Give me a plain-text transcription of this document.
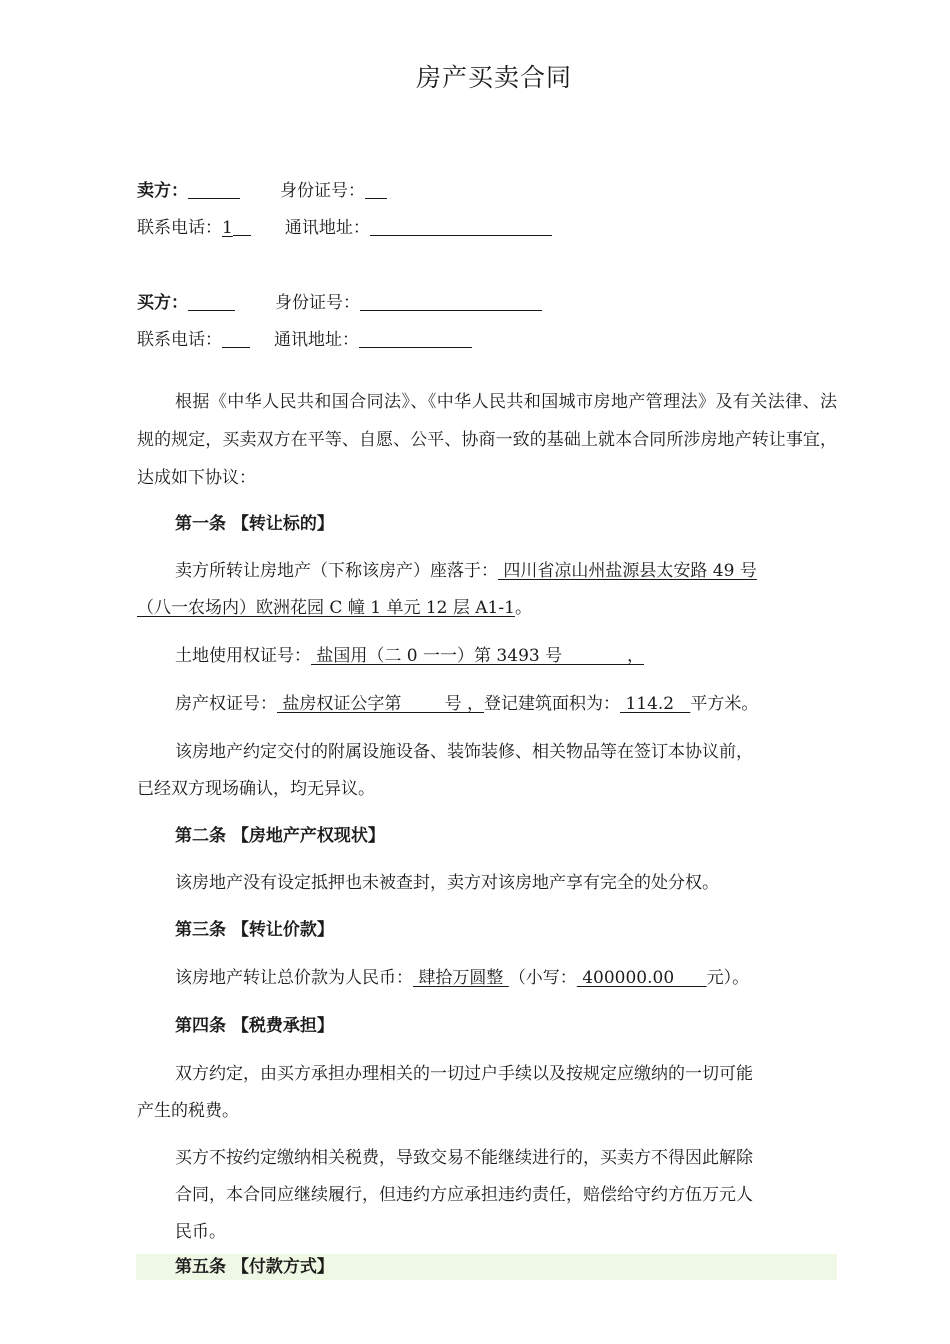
房产买卖合同
卖方：	身份证号：
联系电话：1	通讯地址：
买方：	身份证号：
联系电话：	通讯地址：
根据《中华人民共和国合同法》、《中华人民共和国城市房地产管理法》及有关法律、法规的规定，买卖双方在平等、自愿、公平、协商一致的基础上就本合同所涉房地产转让事宜，达成如下协议：
第一条 【转让标的】
卖方所转让房地产（下称该房产）座落于： 四川省凉山州盐源县太安路 49 号
（八一农场内）欧洲花园 C 幢 1 单元 12 层 A1-1。
土地使用权证号： 盐国用（二 0 一一）第 3493 号            ，
房产权证号： 盐房权证公字第        号 ，登记建筑面积为： 114.2   平方米。
该房地产约定交付的附属设施设备、装饰装修、相关物品等在签订本协议前，
已经双方现场确认，均无异议。
第二条 【房地产产权现状】
该房地产没有设定抵押也未被查封，卖方对该房地产享有完全的处分权。
第三条 【转让价款】
该房地产转让总价款为人民币： 肆拾万圆整 （小写： 400000.00      元）。
第四条 【税费承担】
双方约定，由买方承担办理相关的一切过户手续以及按规定应缴纳的一切可能
产生的税费。
买方不按约定缴纳相关税费，导致交易不能继续进行的，买卖方不得因此解除
合同，本合同应继续履行，但违约方应承担违约责任，赔偿给守约方伍万元人
民币。
第五条 【付款方式】
